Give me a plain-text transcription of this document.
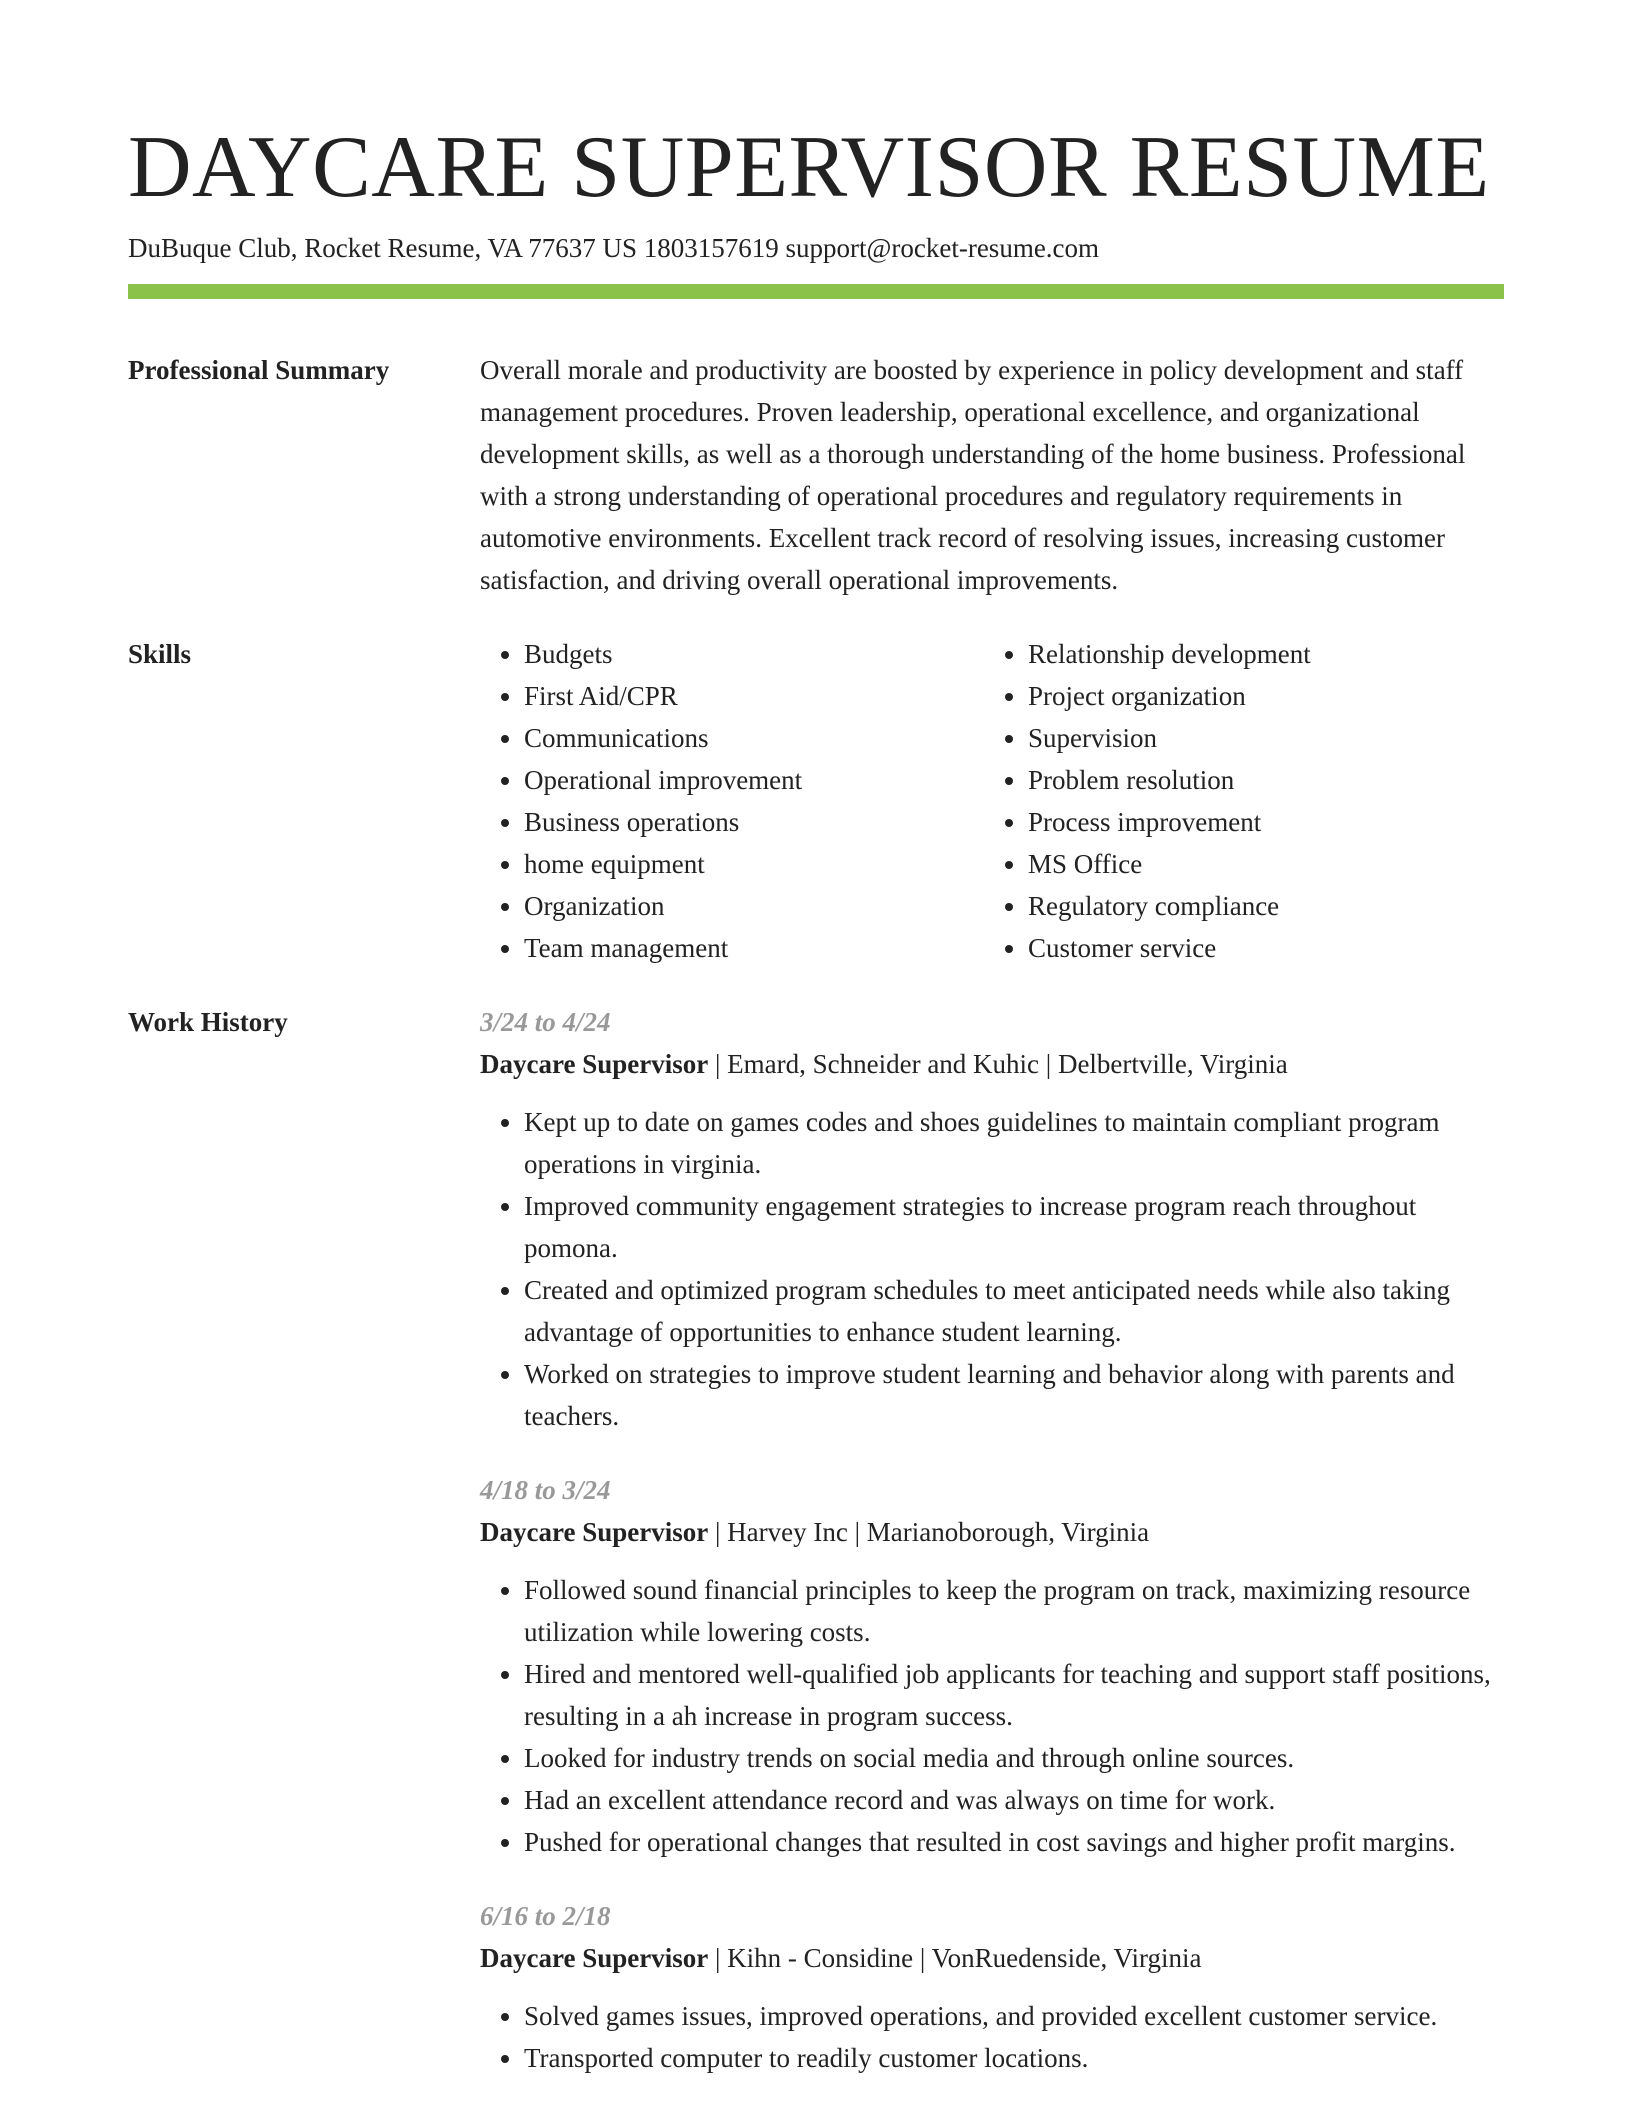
DAYCARE SUPERVISOR RESUME
DuBuque Club, Rocket Resume, VA 77637 US 1803157619 support@rocket-resume.com
Professional Summary	Overall morale and productivity are boosted by experience in policy development and staff management procedures. Proven leadership, operational excellence, and organizational development skills, as well as a thorough understanding of the home business. Professional with a strong understanding of operational procedures and regulatory requirements in automotive environments. Excellent track record of resolving issues, increasing customer satisfaction, and driving overall operational improvements.

Skills
•	Budgets
• First Aid/CPR
• Communications
• Operational improvement
• Business operations
• home equipment
• Organization
• Team management
• Relationship development
• Project organization
• Supervision
• Problem resolution
• Process improvement
• MS Office
• Regulatory compliance
• Customer service
Work History	3/24 to 4/24
Daycare Supervisor | Emard, Schneider and Kuhic | Delbertville, Virginia
• Kept up to date on games codes and shoes guidelines to maintain compliant program operations in virginia.
• Improved community engagement strategies to increase program reach throughout pomona.
• Created and optimized program schedules to meet anticipated needs while also taking advantage of opportunities to enhance student learning.
• Worked on strategies to improve student learning and behavior along with parents and teachers.
4/18 to 3/24
Daycare Supervisor | Harvey Inc | Marianoborough, Virginia
• Followed sound financial principles to keep the program on track, maximizing resource utilization while lowering costs.
• Hired and mentored well-qualified job applicants for teaching and support staff positions, resulting in a ah increase in program success.
• Looked for industry trends on social media and through online sources.
• Had an excellent attendance record and was always on time for work.
• Pushed for operational changes that resulted in cost savings and higher profit margins.
6/16 to 2/18
Daycare Supervisor | Kihn - Considine | VonRuedenside, Virginia
• Solved games issues, improved operations, and provided excellent customer service.
• Transported computer to readily customer locations.
